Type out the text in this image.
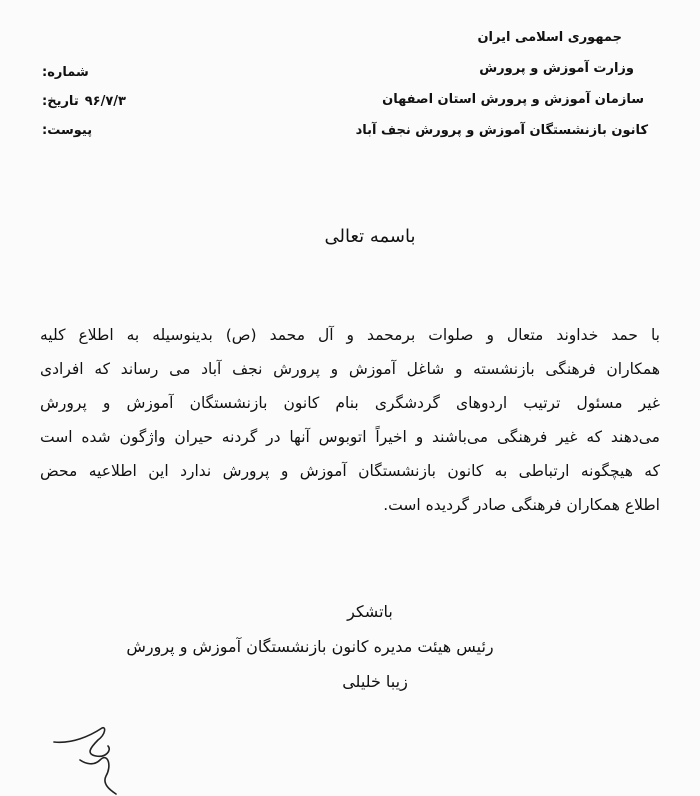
جمهوری اسلامی ایران
وزارت آموزش و پرورش
سازمان آموزش و پرورش استان اصفهان
کانون بازنشستگان آموزش و پرورش نجف آباد
شماره:
تاریخ: ۹۶/۷/۳
پیوست:
باسمه تعالی
با حمد خداوند متعال و صلوات برمحمد و آل محمد (ص) بدینوسیله به اطلاع کلیه
همکاران فرهنگی بازنشسته و شاغل آموزش و پرورش نجف آباد می رساند که افرادی
غیر مسئول ترتیب اردوهای گردشگری بنام کانون بازنشستگان آموزش و پرورش
می‌دهند که غیر فرهنگی می‌باشند و اخیراً اتوبوس آنها در گردنه حیران واژگون شده است
که هیچگونه ارتباطی به کانون بازنشستگان آموزش و پرورش ندارد این اطلاعیه محض
اطلاع همکاران فرهنگی صادر گردیده است.
باتشکر
رئیس هیئت مدیره کانون بازنشستگان آموزش و پرورش
زیبا خلیلی
